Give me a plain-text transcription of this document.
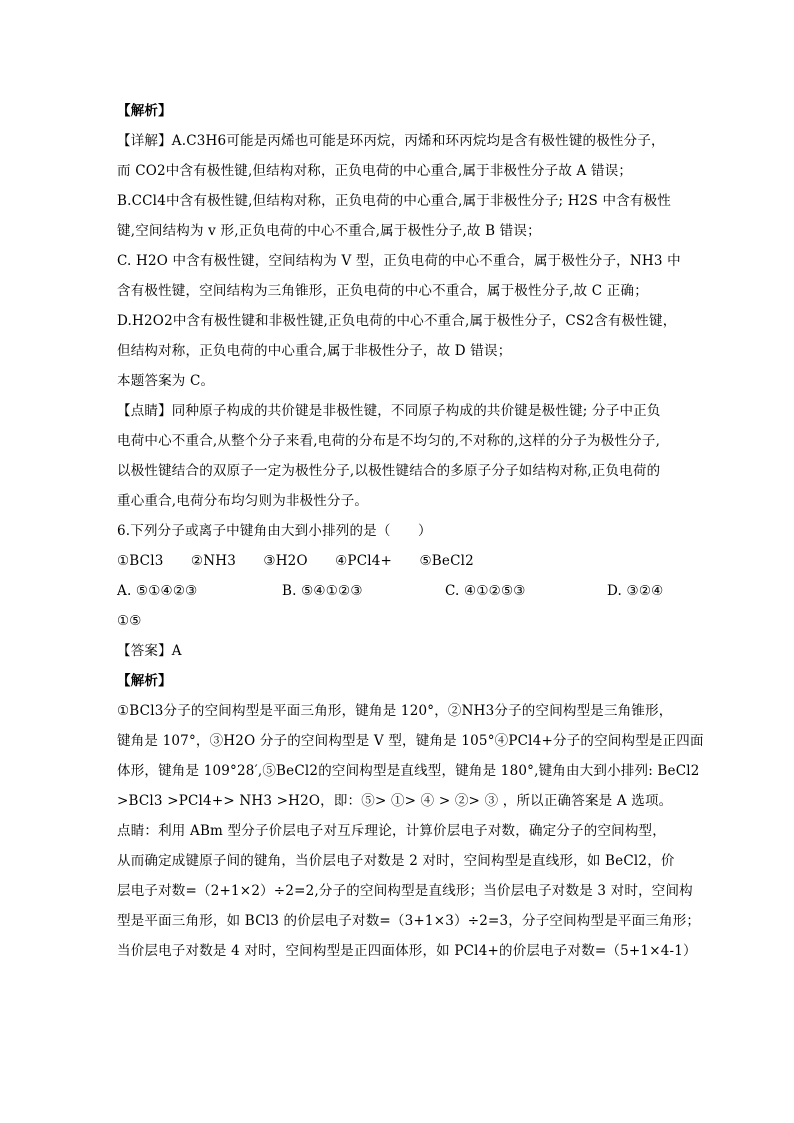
【解析】
【详解】A.C3H6可能是丙烯也可能是环丙烷，丙烯和环丙烷均是含有极性键的极性分子，
而 CO2中含有极性键,但结构对称，正负电荷的中心重合,属于非极性分子故 A 错误；
B.CCl4中含有极性键,但结构对称，正负电荷的中心重合,属于非极性分子; H2S 中含有极性
键,空间结构为 v 形,正负电荷的中心不重合,属于极性分子,故 B 错误；
C. H2O 中含有极性键，空间结构为 V 型，正负电荷的中心不重合，属于极性分子，NH3 中
含有极性键，空间结构为三角锥形，正负电荷的中心不重合，属于极性分子,故 C 正确；
D.H2O2中含有极性键和非极性键,正负电荷的中心不重合,属于极性分子，CS2含有极性键，
但结构对称，正负电荷的中心重合,属于非极性分子，故 D 错误；
本题答案为 C。
【点睛】同种原子构成的共价键是非极性键，不同原子构成的共价键是极性键; 分子中正负
电荷中心不重合,从整个分子来看,电荷的分布是不均匀的,不对称的,这样的分子为极性分子,
以极性键结合的双原子一定为极性分子,以极性键结合的多原子分子如结构对称,正负电荷的
重心重合,电荷分布均匀则为非极性分子。
6.下列分子或离子中键角由大到小排列的是（　　）
①BCl3　　②NH3　　③H2O　　④PCl4+　　⑤BeCl2
A. ⑤①④②③	B. ⑤④①②③	C. ④①②⑤③	D. ③②④
①⑤
【答案】A
【解析】
①BCl3分子的空间构型是平面三角形，键角是 120°，②NH3分子的空间构型是三角锥形，
键角是 107°，③H2O 分子的空间构型是 V 型，键角是 105°④PCl4+分子的空间构型是正四面
体形，键角是 109°28′,⑤BeCl2的空间构型是直线型，键角是 180°,键角由大到小排列: BeCl2
>BCl3 >PCl4+> NH3 >H2O，即：⑤> ①> ④ > ②> ③ ，所以正确答案是 A 选项。
点睛：利用 ABm 型分子价层电子对互斥理论，计算价层电子对数，确定分子的空间构型，
从而确定成键原子间的键角，当价层电子对数是 2 对时，空间构型是直线形，如 BeCl2，价
层电子对数=（2+1×2）÷2=2,分子的空间构型是直线形；当价层电子对数是 3 对时，空间构
型是平面三角形，如 BCl3 的价层电子对数=（3+1×3）÷2=3，分子空间构型是平面三角形；
当价层电子对数是 4 对时，空间构型是正四面体形，如 PCl4+的价层电子对数=（5+1×4-1）
